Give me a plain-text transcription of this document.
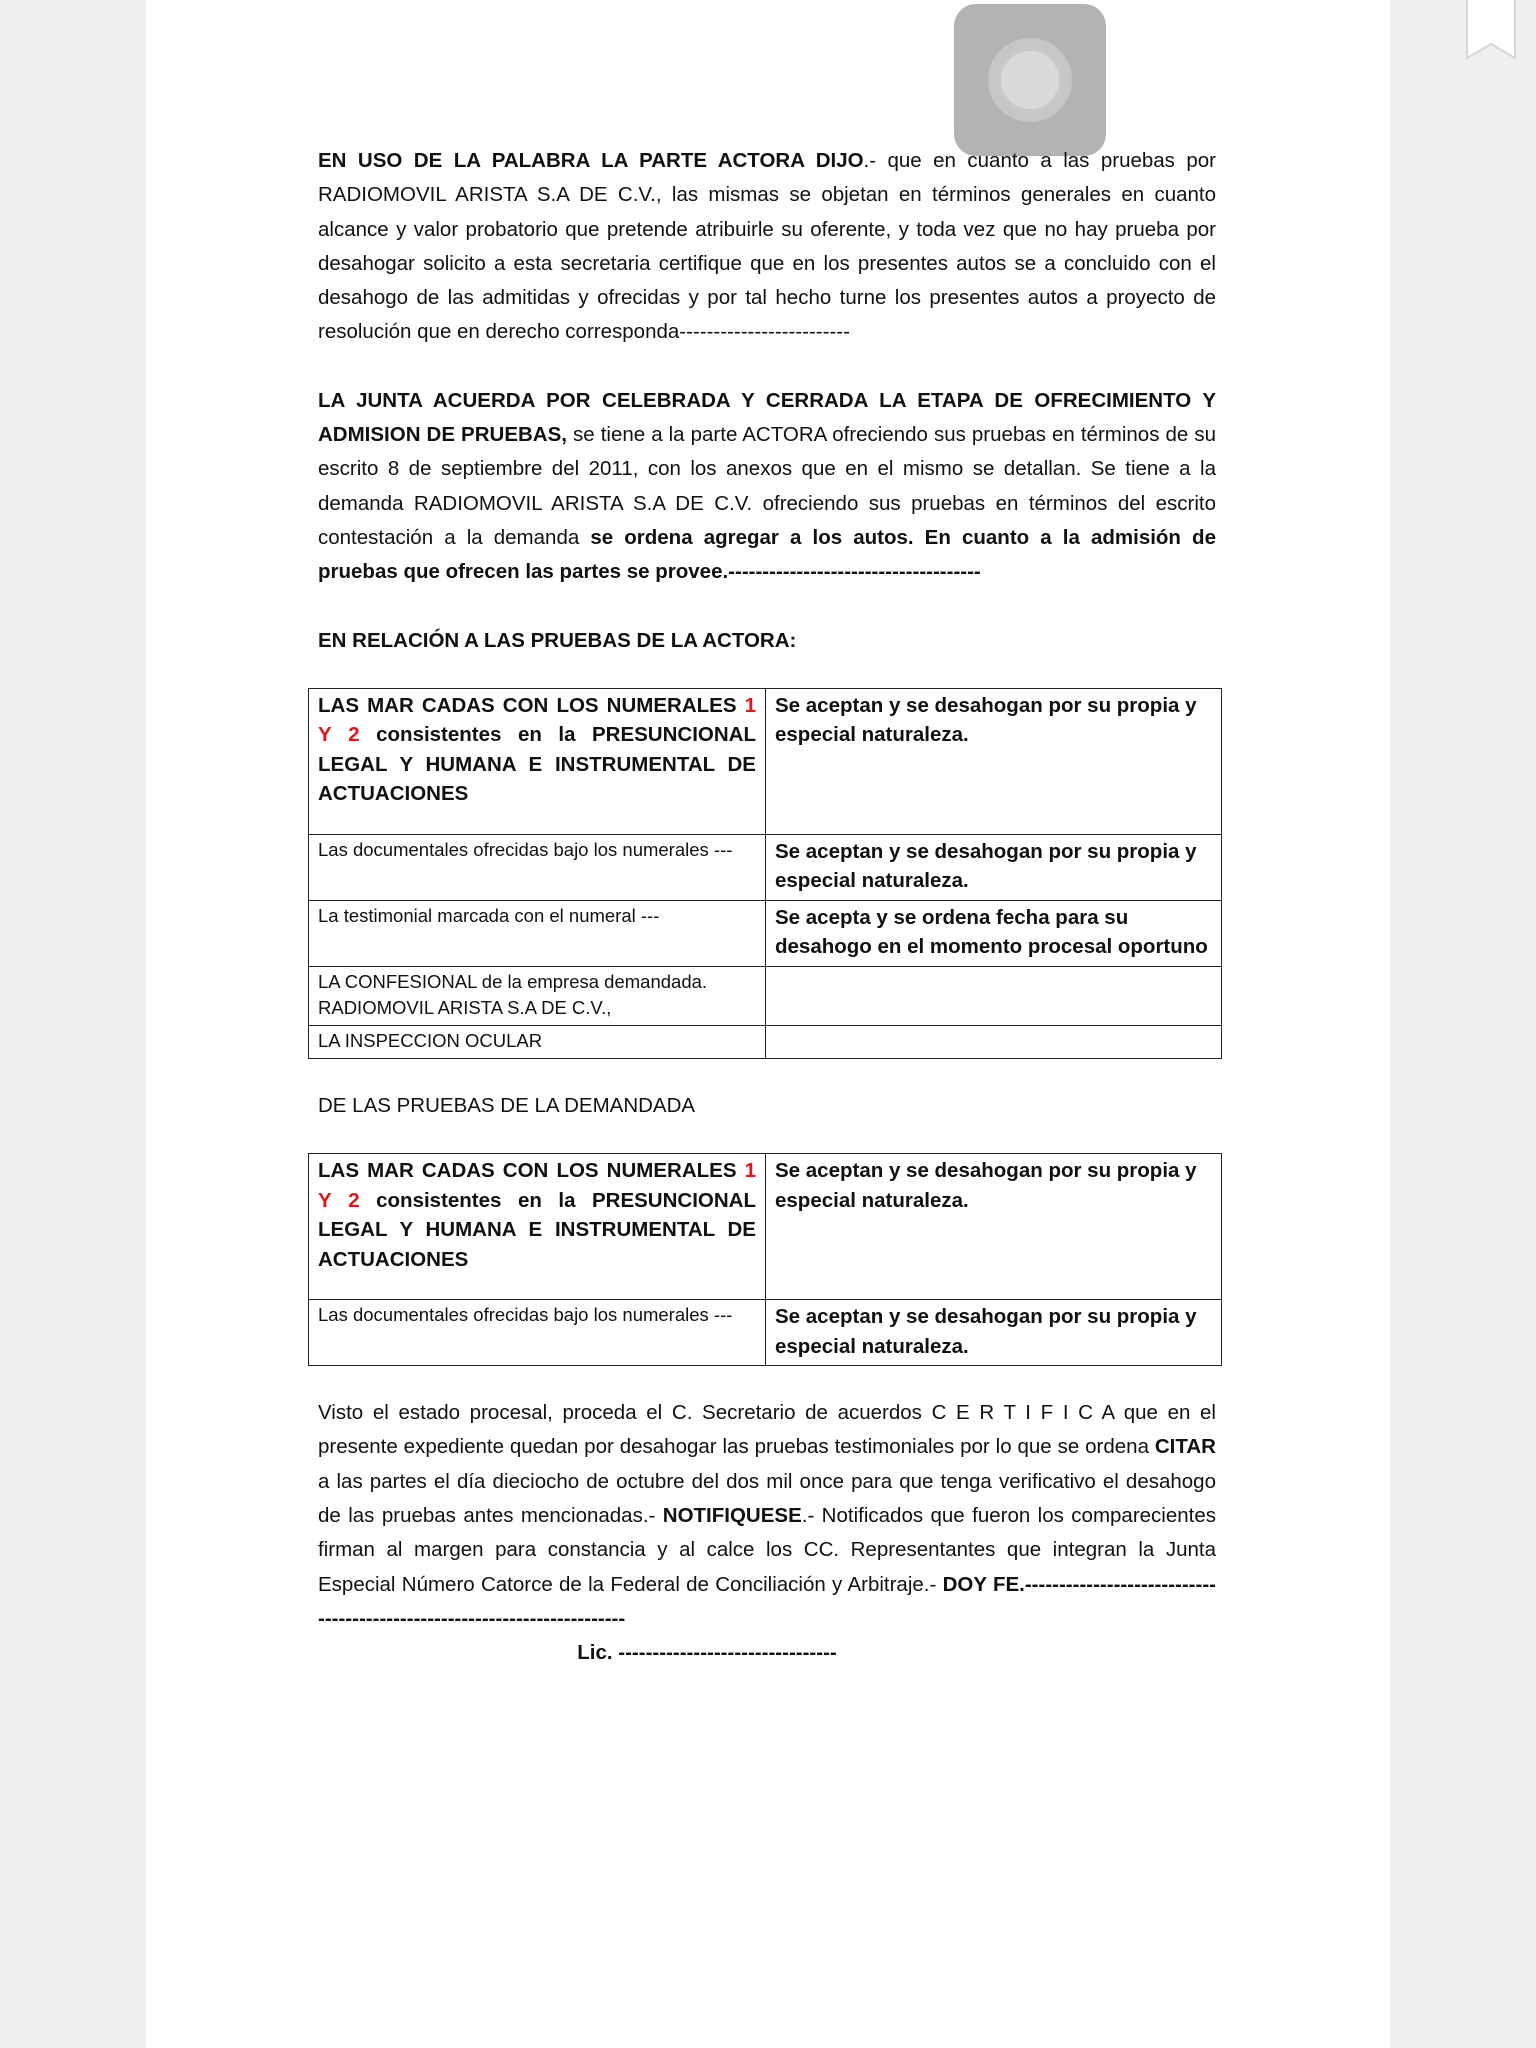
EN USO DE LA PALABRA LA PARTE ACTORA DIJO.- que en cuanto a las pruebas por RADIOMOVIL ARISTA S.A DE C.V., las mismas se objetan en términos generales en cuanto alcance y valor probatorio que pretende atribuirle su oferente, y toda vez que no hay prueba por desahogar solicito a esta secretaria certifique que en los presentes autos se a concluido con el desahogo de las admitidas y ofrecidas y por tal hecho turne los presentes autos a proyecto de resolución que en derecho corresponda-------------------------

LA JUNTA ACUERDA POR CELEBRADA Y CERRADA LA ETAPA DE OFRECIMIENTO Y ADMISION DE PRUEBAS, se tiene a la parte ACTORA ofreciendo sus pruebas en términos de su escrito 8 de septiembre del 2011, con los anexos que en el mismo se detallan. Se tiene a la demanda RADIOMOVIL ARISTA S.A DE C.V. ofreciendo sus pruebas en términos del escrito contestación a la demanda se ordena agregar a los autos. En cuanto a la admisión de pruebas que ofrecen las partes se provee.-------------------------------------

EN RELACIÓN A LAS PRUEBAS DE LA ACTORA:

LAS MAR CADAS CON LOS NUMERALES 1 Y 2 consistentes en la PRESUNCIONAL LEGAL Y HUMANA E INSTRUMENTAL DE ACTUACIONES	Se aceptan y se desahogan por su propia y especial naturaleza.
Las documentales ofrecidas bajo los numerales ---	Se aceptan y se desahogan por su propia y especial naturaleza.
La testimonial marcada con el numeral ---	Se acepta y se ordena fecha para su desahogo en el momento procesal oportuno
LA CONFESIONAL de la empresa demandada. RADIOMOVIL ARISTA S.A DE C.V.,	
LA INSPECCION OCULAR	

DE LAS PRUEBAS DE LA DEMANDADA

LAS MAR CADAS CON LOS NUMERALES 1 Y 2 consistentes en la PRESUNCIONAL LEGAL Y HUMANA E INSTRUMENTAL DE ACTUACIONES	Se aceptan y se desahogan por su propia y especial naturaleza.
Las documentales ofrecidas bajo los numerales ---	Se aceptan y se desahogan por su propia y especial naturaleza.

Visto el estado procesal, proceda el C. Secretario de acuerdos C E R T I F I C A que en el presente expediente quedan por desahogar las pruebas testimoniales por lo que se ordena CITAR a las partes el día dieciocho de octubre del dos mil once para que tenga verificativo el desahogo de las pruebas antes mencionadas.- NOTIFIQUESE.- Notificados que fueron los comparecientes firman al margen para constancia y al calce los CC. Representantes que integran la Junta Especial Número Catorce de la Federal de Conciliación y Arbitraje.- DOY FE.-------------------------------------------------------------------------

Lic. --------------------------------
